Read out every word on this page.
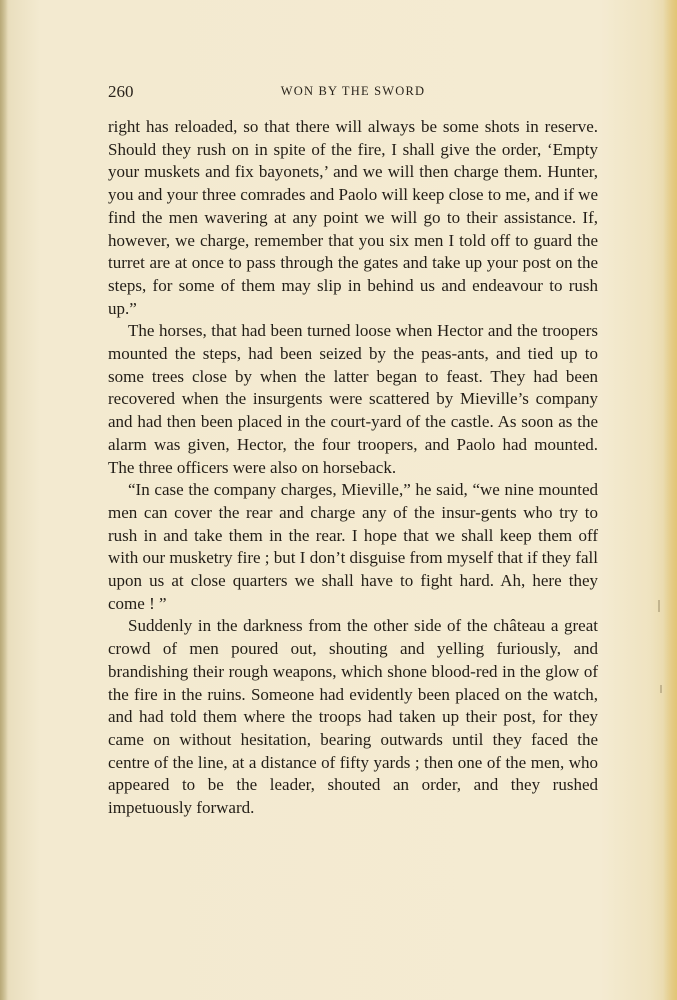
260	WON BY THE SWORD

right has reloaded, so that there will always be some shots in reserve. Should they rush on in spite of the fire, I shall give the order, ‘Empty your muskets and fix bayonets,’ and we will then charge them. Hunter, you and your three comrades and Paolo will keep close to me, and if we find the men wavering at any point we will go to their assistance. If, however, we charge, remember that you six men I told off to guard the turret are at once to pass through the gates and take up your post on the steps, for some of them may slip in behind us and endeavour to rush up.”

The horses, that had been turned loose when Hector and the troopers mounted the steps, had been seized by the peas-ants, and tied up to some trees close by when the latter began to feast. They had been recovered when the insurgents were scattered by Mieville’s company and had then been placed in the court-yard of the castle. As soon as the alarm was given, Hector, the four troopers, and Paolo had mounted. The three officers were also on horseback.

“In case the company charges, Mieville,” he said, “we nine mounted men can cover the rear and charge any of the insur-gents who try to rush in and take them in the rear. I hope that we shall keep them off with our musketry fire ; but I don’t disguise from myself that if they fall upon us at close quarters we shall have to fight hard. Ah, here they come ! ”

Suddenly in the darkness from the other side of the château a great crowd of men poured out, shouting and yelling furiously, and brandishing their rough weapons, which shone blood-red in the glow of the fire in the ruins. Someone had evidently been placed on the watch, and had told them where the troops had taken up their post, for they came on without hesitation, bearing outwards until they faced the centre of the line, at a distance of fifty yards ; then one of the men, who appeared to be the leader, shouted an order, and they rushed impetuously forward.
